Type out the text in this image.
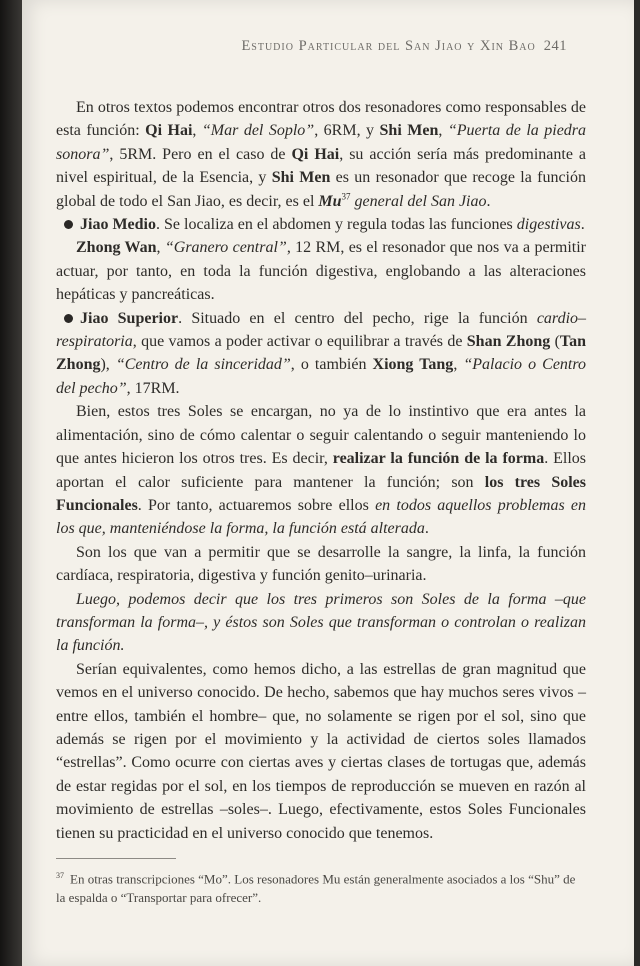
Estudio Particular del San Jiao y Xin Bao 241

En otros textos podemos encontrar otros dos resonadores como responsables de esta función: Qi Hai, “Mar del Soplo”, 6RM, y Shi Men, “Puerta de la piedra sonora”, 5RM. Pero en el caso de Qi Hai, su acción sería más predominante a nivel espiritual, de la Esencia, y Shi Men es un resonador que recoge la función global de todo el San Jiao, es decir, es el Mu$^{37}$ general del San Jiao.

Jiao Medio. Se localiza en el abdomen y regula todas las funciones digestivas.

Zhong Wan, “Granero central”, 12 RM, es el resonador que nos va a permitir actuar, por tanto, en toda la función digestiva, englobando a las alteraciones hepáticas y pancreáticas.

Jiao Superior. Situado en el centro del pecho, rige la función cardio–respiratoria, que vamos a poder activar o equilibrar a través de Shan Zhong (Tan Zhong), “Centro de la sinceridad”, o también Xiong Tang, “Palacio o Centro del pecho”, 17RM.

Bien, estos tres Soles se encargan, no ya de lo instintivo que era antes la alimentación, sino de cómo calentar o seguir calentando o seguir manteniendo lo que antes hicieron los otros tres. Es decir, realizar la función de la forma. Ellos aportan el calor suficiente para mantener la función; son los tres Soles Funcionales. Por tanto, actuaremos sobre ellos en todos aquellos problemas en los que, manteniéndose la forma, la función está alterada.

Son los que van a permitir que se desarrolle la sangre, la linfa, la función cardíaca, respiratoria, digestiva y función genito–urinaria.

Luego, podemos decir que los tres primeros son Soles de la forma –que transforman la forma–, y éstos son Soles que transforman o controlan o realizan la función.

Serían equivalentes, como hemos dicho, a las estrellas de gran magnitud que vemos en el universo conocido. De hecho, sabemos que hay muchos seres vivos –entre ellos, también el hombre– que, no solamente se rigen por el sol, sino que además se rigen por el movimiento y la actividad de ciertos soles llamados “estrellas”. Como ocurre con ciertas aves y ciertas clases de tortugas que, además de estar regidas por el sol, en los tiempos de reproducción se mueven en razón al movimiento de estrellas –soles–. Luego, efectivamente, estos Soles Funcionales tienen su practicidad en el universo conocido que tenemos.

$^{37}$ En otras transcripciones “Mo”. Los resonadores Mu están generalmente asociados a los “Shu” de la espalda o “Transportar para ofrecer”.
